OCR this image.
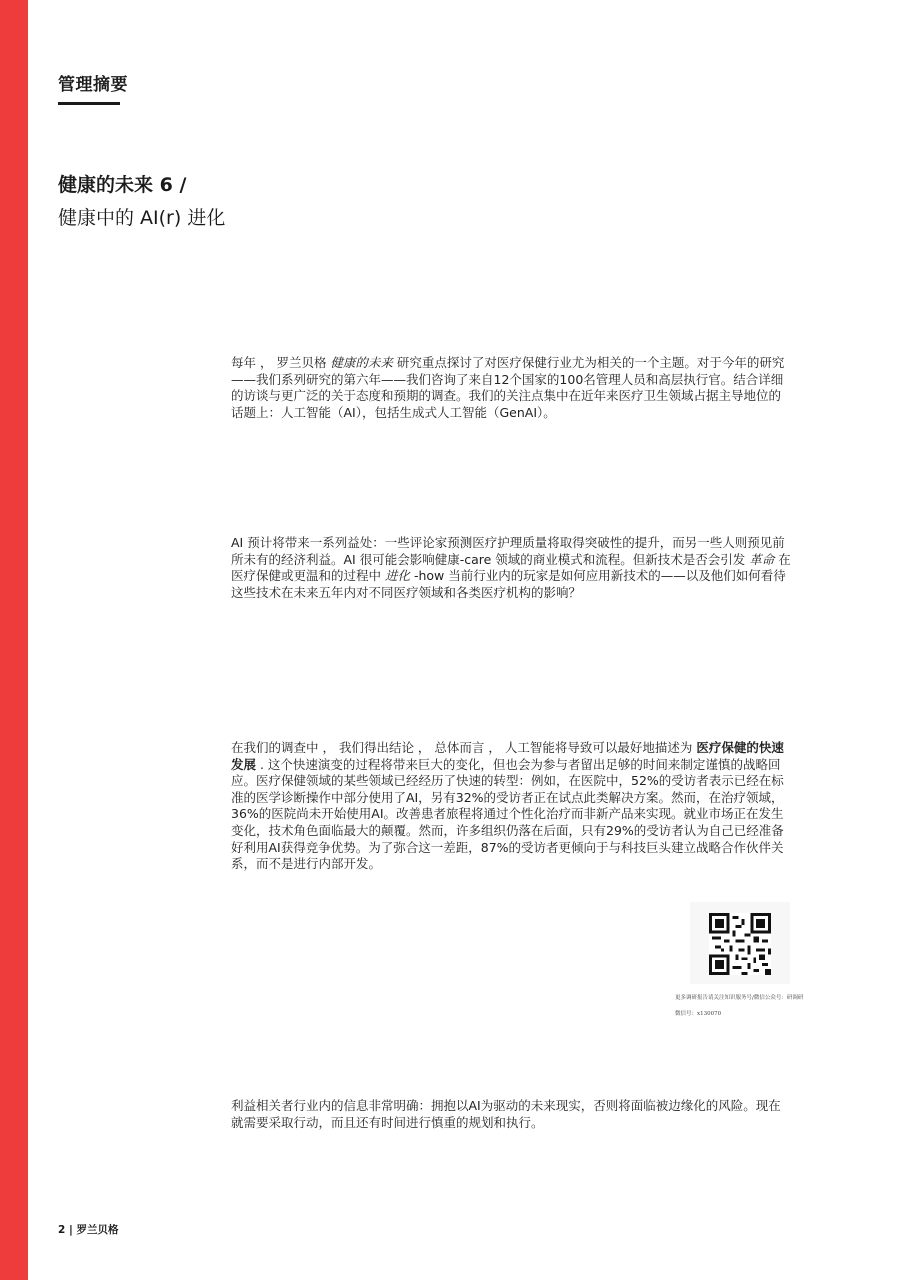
管理摘要
健康的未来 6 /
健康中的 AI(r) 进化
每年 ， 罗兰贝格 健康的未来 研究重点探讨了对医疗保健行业尤为相关的一个主题。对于今年的研究——我们系列研究的第六年——我们咨询了来自12个国家的100名管理人员和高层执行官。结合详细的访谈与更广泛的关于态度和预期的调查。我们的关注点集中在近年来医疗卫生领域占据主导地位的话题上：人工智能（AI），包括生成式人工智能（GenAI）。
AI 预计将带来一系列益处：一些评论家预测医疗护理质量将取得突破性的提升，而另一些人则预见前所未有的经济利益。AI 很可能会影响健康-care 领域的商业模式和流程。但新技术是否会引发 革命 在医疗保健或更温和的过程中 进化 -how 当前行业内的玩家是如何应用新技术的——以及他们如何看待这些技术在未来五年内对不同医疗领域和各类医疗机构的影响？
在我们的调查中 ， 我们得出结论 ， 总体而言 ， 人工智能将导致可以最好地描述为 医疗保健的快速发展 . 这个快速演变的过程将带来巨大的变化，但也会为参与者留出足够的时间来制定谨慎的战略回应。医疗保健领域的某些领域已经经历了快速的转型：例如，在医院中，52%的受访者表示已经在标准的医学诊断操作中部分使用了AI，另有32%的受访者正在试点此类解决方案。然而，在治疗领域，36%的医院尚未开始使用AI。改善患者旅程将通过个性化治疗而非新产品来实现。就业市场正在发生变化，技术角色面临最大的颠覆。然而，许多组织仍落在后面，只有29%的受访者认为自己已经准备好利用AI获得竞争优势。为了弥合这一差距，87%的受访者更倾向于与科技巨头建立战略合作伙伴关系，而不是进行内部开发。
更多调研报告请关注知识服务号/微信公众号：研调研
微信号：x130070
利益相关者行业内的信息非常明确：拥抱以AI为驱动的未来现实，否则将面临被边缘化的风险。现在就需要采取行动，而且还有时间进行慎重的规划和执行。
2 | 罗兰贝格
